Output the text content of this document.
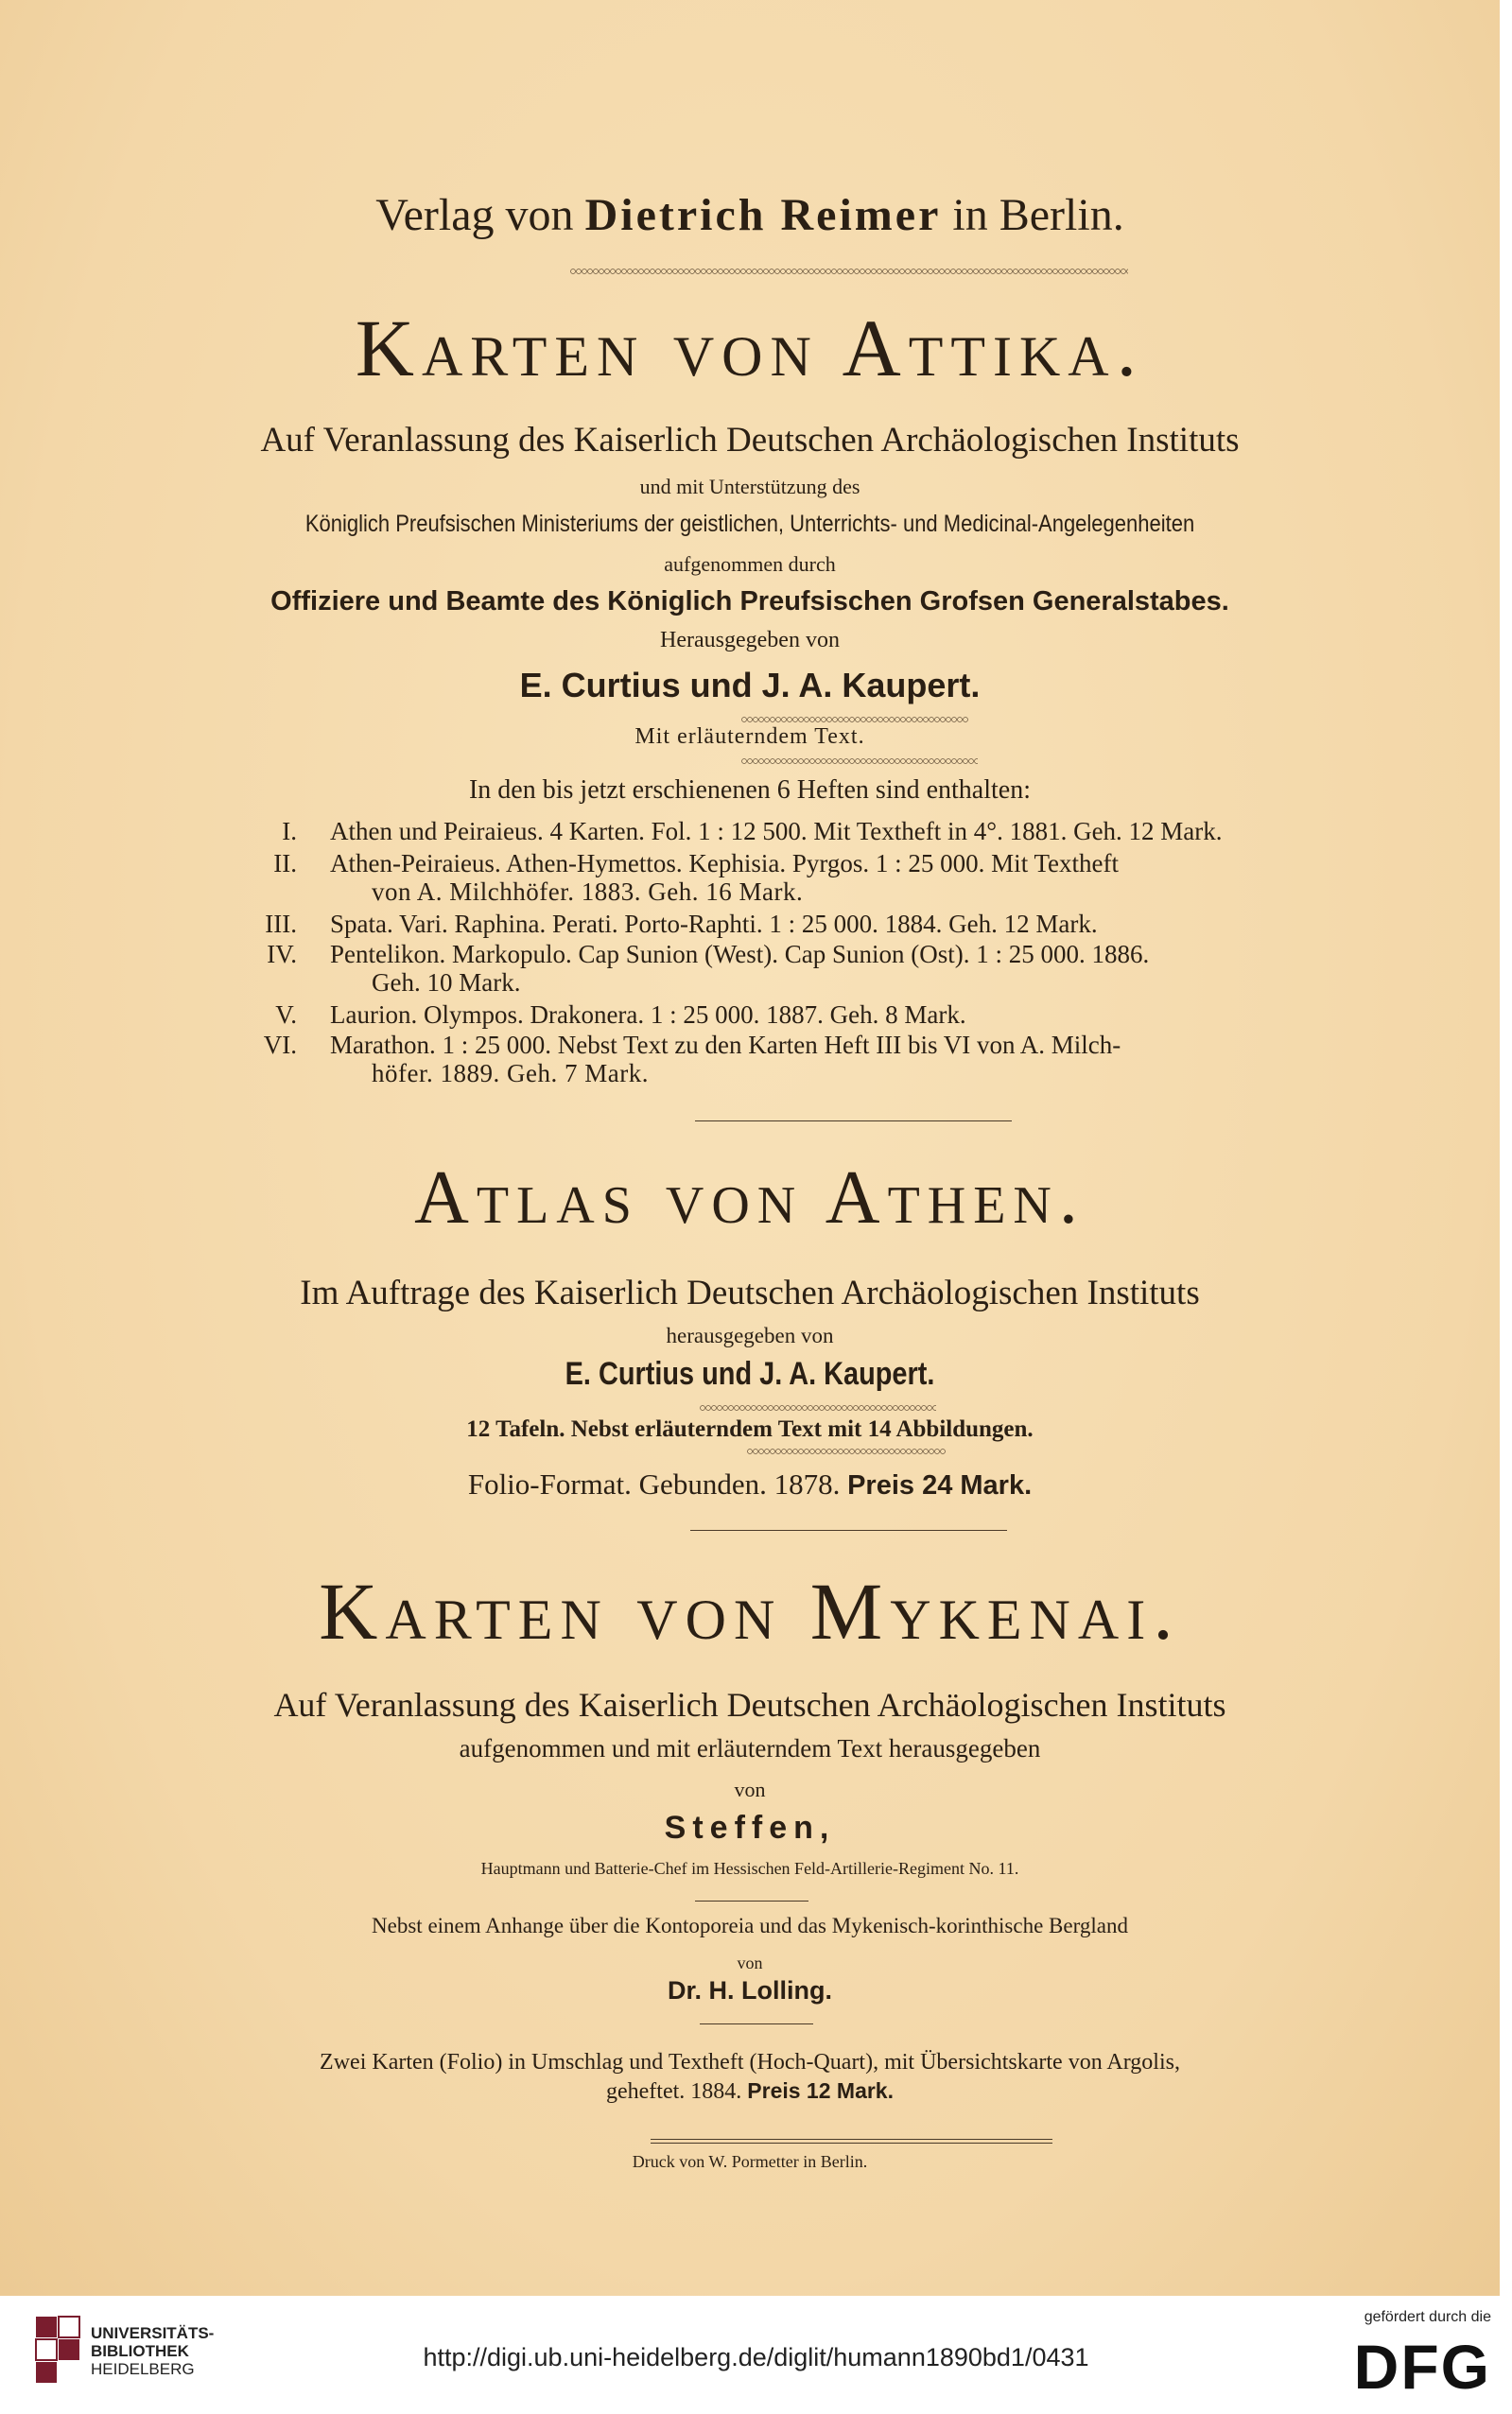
Verlag von Dietrich Reimer in Berlin.
Karten von Attika.
Auf Veranlassung des Kaiserlich Deutschen Archäologischen Instituts
und mit Unterstützung des
Königlich Preufsischen Ministeriums der geistlichen, Unterrichts- und Medicinal-Angelegenheiten
aufgenommen durch
Offiziere und Beamte des Königlich Preufsischen Grofsen Generalstabes.
Herausgegeben von
E. Curtius und J. A. Kaupert.
Mit erläuterndem Text.
In den bis jetzt erschienenen 6 Heften sind enthalten:
I. Athen und Peiraieus. 4 Karten. Fol. 1 : 12 500. Mit Textheft in 4°. 1881. Geh. 12 Mark.
II. Athen-Peiraieus. Athen-Hymettos. Kephisia. Pyrgos. 1 : 25 000. Mit Textheft
von A. Milchhöfer. 1883. Geh. 16 Mark.
III. Spata. Vari. Raphina. Perati. Porto-Raphti. 1 : 25 000. 1884. Geh. 12 Mark.
IV. Pentelikon. Markopulo. Cap Sunion (West). Cap Sunion (Ost). 1 : 25 000. 1886.
Geh. 10 Mark.
V. Laurion. Olympos. Drakonera. 1 : 25 000. 1887. Geh. 8 Mark.
VI. Marathon. 1 : 25 000. Nebst Text zu den Karten Heft III bis VI von A. Milch-
höfer. 1889. Geh. 7 Mark.
Atlas von Athen.
Im Auftrage des Kaiserlich Deutschen Archäologischen Instituts
herausgegeben von
E. Curtius und J. A. Kaupert.
12 Tafeln. Nebst erläuterndem Text mit 14 Abbildungen.
Folio-Format. Gebunden. 1878. Preis 24 Mark.
Karten von Mykenai.
Auf Veranlassung des Kaiserlich Deutschen Archäologischen Instituts
aufgenommen und mit erläuterndem Text herausgegeben
von
Steffen,
Hauptmann und Batterie-Chef im Hessischen Feld-Artillerie-Regiment No. 11.
Nebst einem Anhange über die Kontoporeia und das Mykenisch-korinthische Bergland
von
Dr. H. Lolling.
Zwei Karten (Folio) in Umschlag und Textheft (Hoch-Quart), mit Übersichtskarte von Argolis,
geheftet. 1884. Preis 12 Mark.
Druck von W. Pormetter in Berlin.
UNIVERSITÄTS-
BIBLIOTHEK
HEIDELBERG	http://digi.ub.uni-heidelberg.de/diglit/humann1890bd1/0431
gefördert durch die
DFG
